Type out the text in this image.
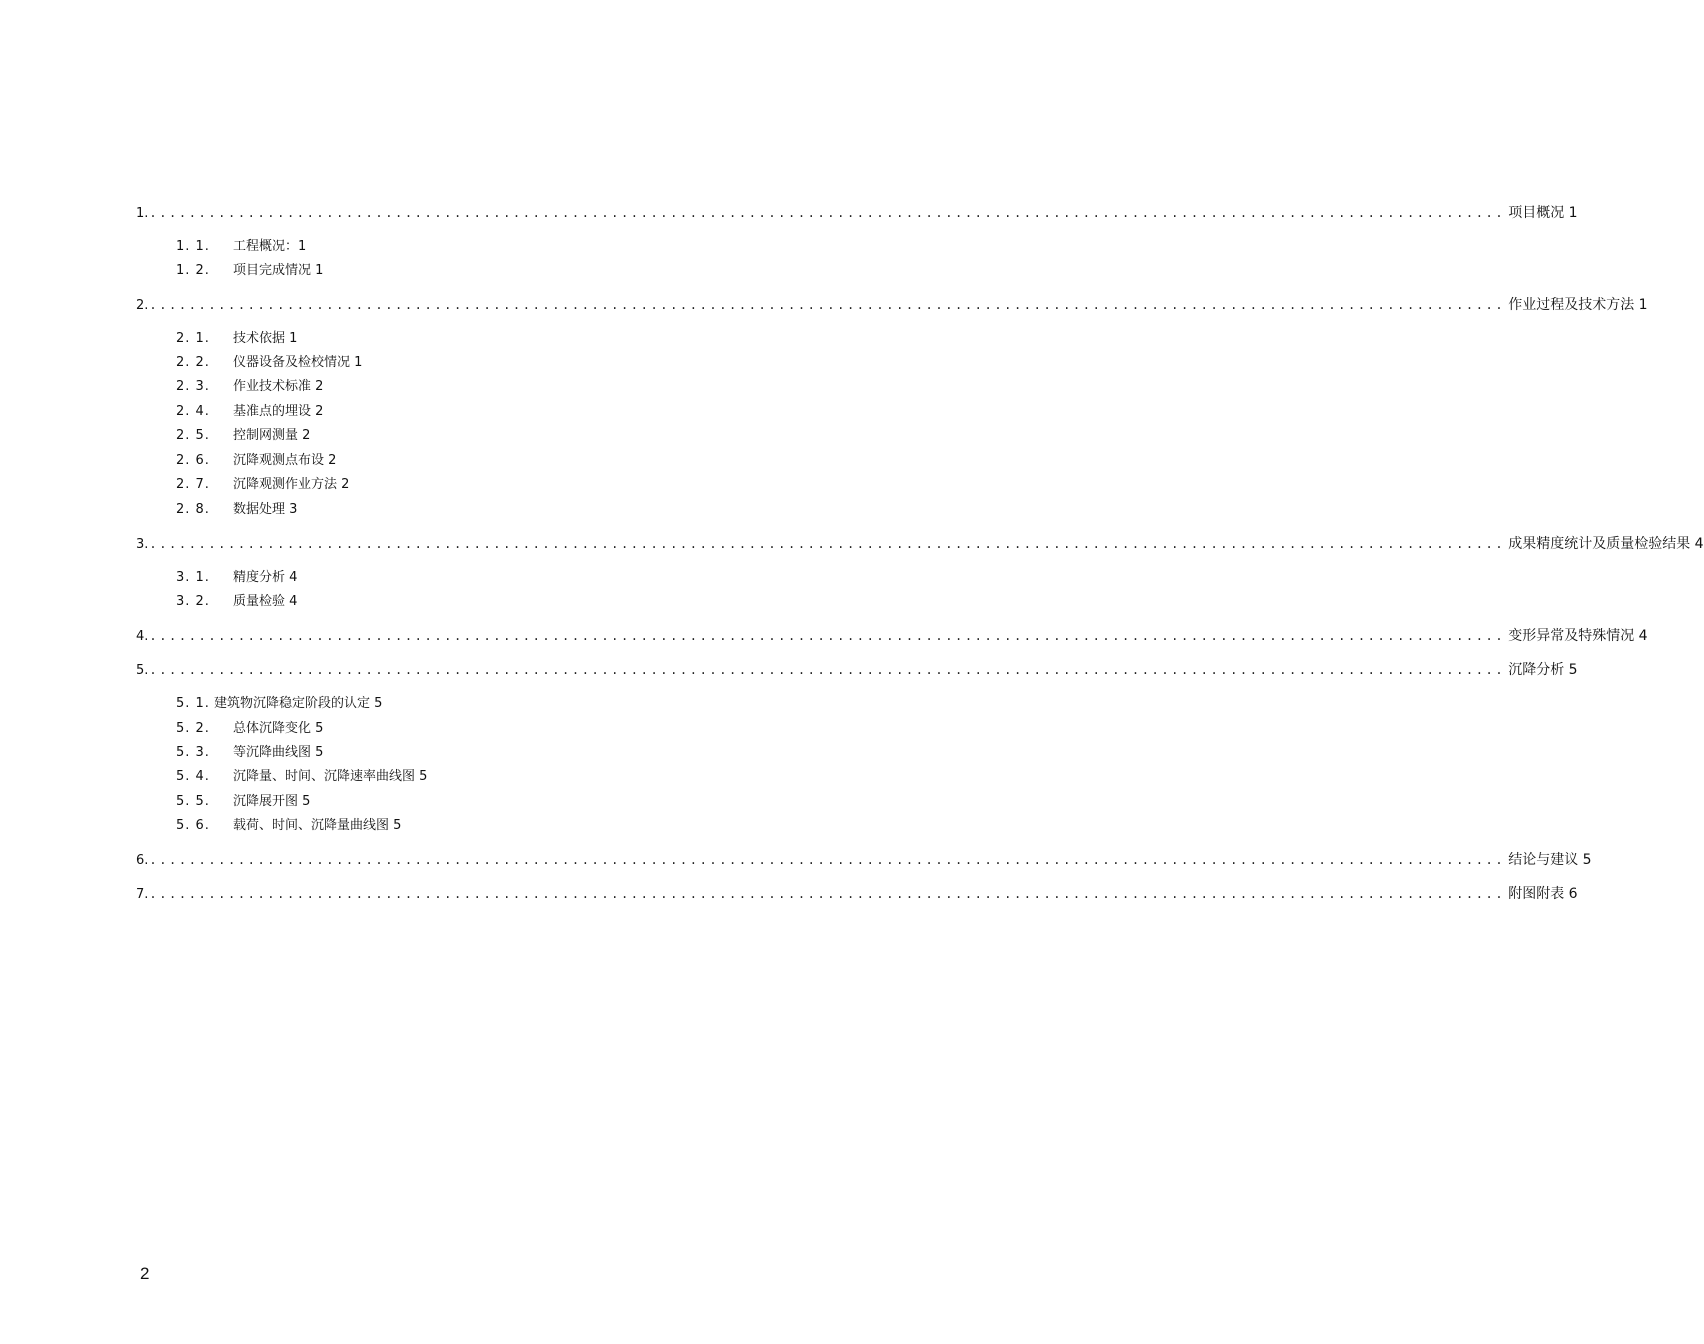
1. .......................................................................................................................................... 项目概况 1
1. 1.	工程概况：1
1. 2.	项目完成情况 1
2. .......................................................................................................................................... 作业过程及技术方法 1
2. 1.	技术依据 1
2. 2.	仪器设备及检校情况 1
2. 3.	作业技术标准 2
2. 4.	基准点的埋设 2
2. 5.	控制网测量 2
2. 6.	沉降观测点布设 2
2. 7.	沉降观测作业方法 2
2. 8.	数据处理 3
3. .......................................................................................................................................... 成果精度统计及质量检验结果 4
3. 1.	精度分析 4
3. 2.	质量检验 4
4. .......................................................................................................................................... 变形异常及特殊情况 4
5. .......................................................................................................................................... 沉降分析 5
5. 1. 建筑物沉降稳定阶段的认定 5
5. 2.	总体沉降变化 5
5. 3.	等沉降曲线图 5
5. 4.	沉降量、时间、沉降速率曲线图 5
5. 5.	沉降展开图 5
5. 6.	载荷、时间、沉降量曲线图 5
6. .......................................................................................................................................... 结论与建议 5
7. .......................................................................................................................................... 附图附表 6
2
